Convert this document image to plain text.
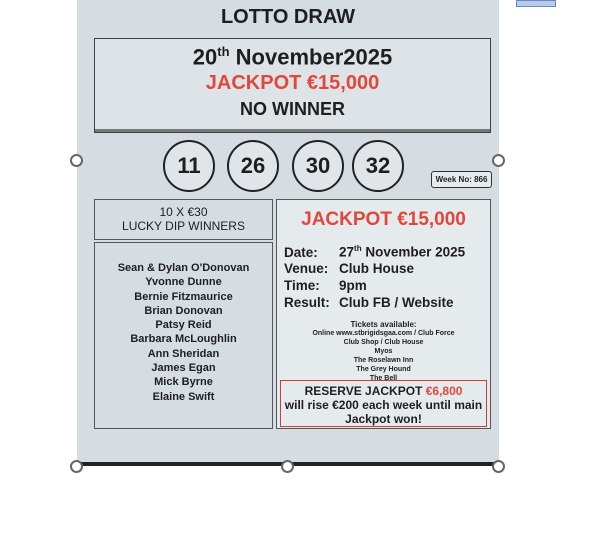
LOTTO DRAW
20th November2025
JACKPOT €15,000
NO WINNER
11	26	30	32
Week No: 866
10 X €30
LUCKY DIP WINNERS
Sean & Dylan O'Donovan
Yvonne Dunne
Bernie Fitzmaurice
Brian Donovan
Patsy Reid
Barbara McLoughlin
Ann Sheridan
James Egan
Mick Byrne
Elaine Swift
JACKPOT €15,000
Date: 27th November 2025
Venue: Club House
Time: 9pm
Result: Club FB / Website
Tickets available:
Online www.stbrigidsgaa.com / Club Force
Club Shop / Club House
Myos
The Roselawn Inn
The Grey Hound
The Bell
RESERVE JACKPOT €6,800
will rise €200 each week until main
Jackpot won!
